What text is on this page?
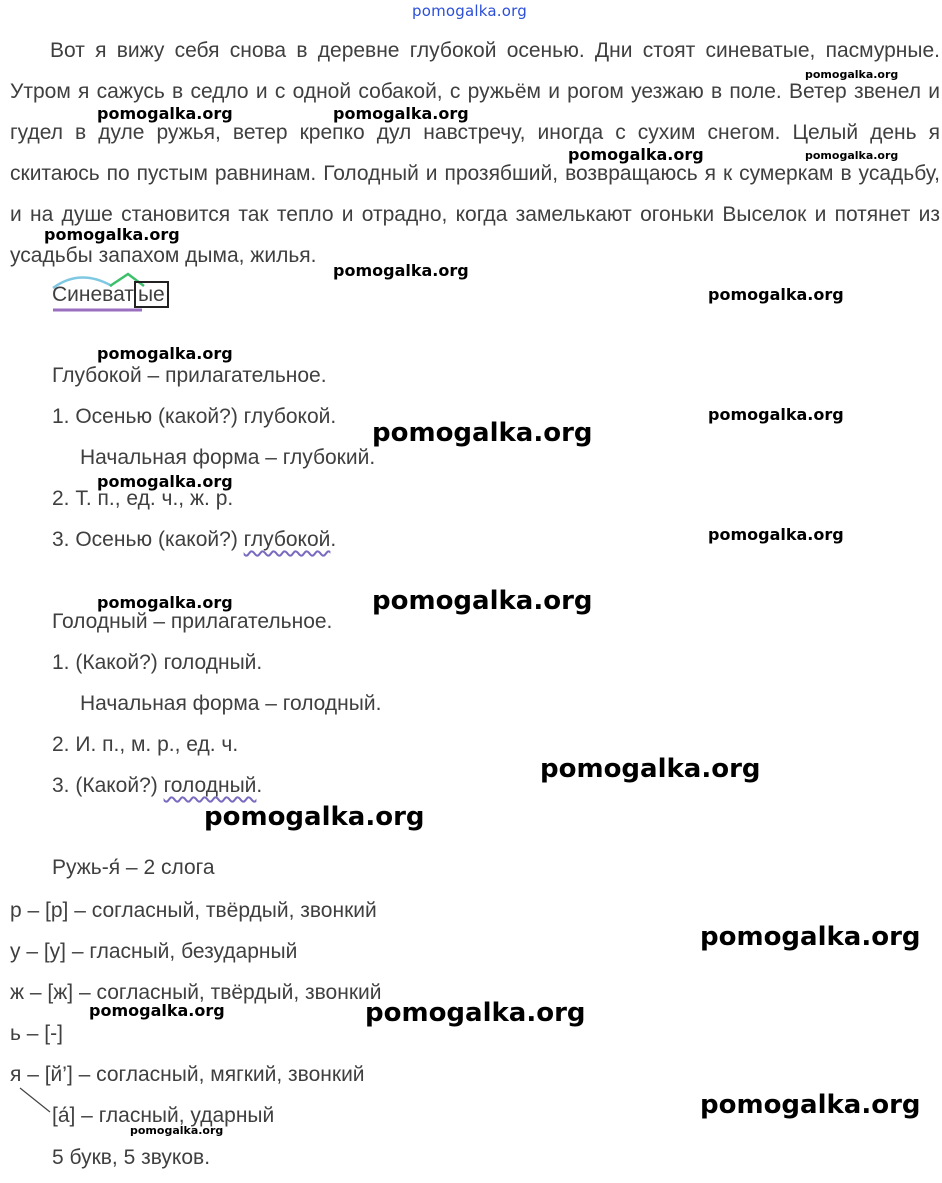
pomogalka.org
Вот я вижу себя снова в деревне глубокой осенью. Дни стоят синеватые, пасмурные. Утром я сажусь в седло и с одной собакой, с ружьём и рогом уезжаю в поле. Ветер звенел и гудел в дуле ружья, ветер крепко дул навстречу, иногда с сухим снегом. Целый день я скитаюсь по пустым равнинам. Голодный и прозябший, возвращаюсь я к сумеркам в усадьбу, и на душе становится так тепло и отрадно, когда замелькают огоньки Выселок и потянет из усадьбы запахом дыма, жилья.
Синеват ые
Глубокой – прилагательное.
1. Осенью (какой?) глубокой.
Начальная форма – глубокий.
2. Т. п., ед. ч., ж. р.
3. Осенью (какой?) глубокой.
Голодный – прилагательное.
1. (Какой?) голодный.
Начальная форма – голодный.
2. И. п., м. р., ед. ч.
3. (Какой?) голодный.
Ружь-я́ – 2 слога
р – [р] – согласный, твёрдый, звонкий
у – [у] – гласный, безударный
ж – [ж] – согласный, твёрдый, звонкий
ь – [-]
я – [й’] – согласный, мягкий, звонкий
[а́] – гласный, ударный
5 букв, 5 звуков.
pomogalka.org
pomogalka.org	pomogalka.org
pomogalka.org	pomogalka.org
pomogalka.org
pomogalka.org
pomogalka.org
pomogalka.org
pomogalka.org
pomogalka.org
pomogalka.org
pomogalka.org
pomogalka.org	pomogalka.org
pomogalka.org
pomogalka.org
pomogalka.org
pomogalka.org	pomogalka.org
pomogalka.org
pomogalka.org
